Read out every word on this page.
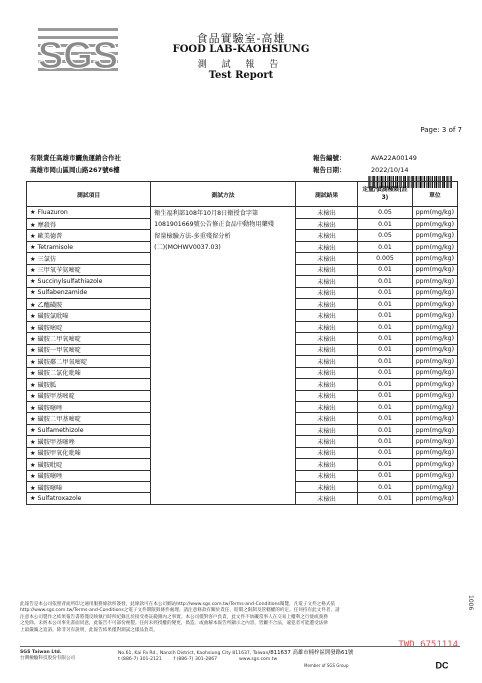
SGS	食品實驗室-高雄
FOOD LAB-KAOHSIUNG
測 試 報 告
Test Report
Page: 3 of 7
有限責任高雄市鱺魚運銷合作社
高雄市岡山區岡山路267號6樓
報告編號：	AVA22A00149
報告日期：	2022/10/14
測試項目	測試方法	測試結果	定量/偵測極限(註3)	單位
★ Fluazuron	衛生福利部108年10月8日衛授食字第	未檢出	0.05	ppm(mg/kg)
★ 摩殺得	1081901669號公告修正食品中動物用藥殘	未檢出	0.01	ppm(mg/kg)
★ 歐美德普	留量檢驗方法-多重殘留分析	未檢出	0.05	ppm(mg/kg)
★ Tetramisole	(二)(MOHWV0037.03)	未檢出	0.01	ppm(mg/kg)
★ 三氯仿		未檢出	0.005	ppm(mg/kg)
★ 三甲氧苄氨嘧啶		未檢出	0.01	ppm(mg/kg)
★ Succinylsulfathiazole		未檢出	0.01	ppm(mg/kg)
★ Sulfabenzamide		未檢出	0.01	ppm(mg/kg)
★ 乙醯磺胺		未檢出	0.01	ppm(mg/kg)
★ 磺胺氯吡嗪		未檢出	0.01	ppm(mg/kg)
★ 磺胺嘧啶		未檢出	0.01	ppm(mg/kg)
★ 磺胺二甲氧嘧啶		未檢出	0.01	ppm(mg/kg)
★ 磺胺一甲氧嘧啶		未檢出	0.01	ppm(mg/kg)
★ 磺胺鄰二甲氧嘧啶		未檢出	0.01	ppm(mg/kg)
★ 磺胺二氯化吡嗪		未檢出	0.01	ppm(mg/kg)
★ 磺胺胍		未檢出	0.01	ppm(mg/kg)
★ 磺胺甲基嘧啶		未檢出	0.01	ppm(mg/kg)
★ 磺胺噻唑		未檢出	0.01	ppm(mg/kg)
★ 磺胺二甲基嘧啶		未檢出	0.01	ppm(mg/kg)
★ Sulfamethizole		未檢出	0.01	ppm(mg/kg)
★ 磺胺甲基噻唑		未檢出	0.01	ppm(mg/kg)
★ 磺胺甲氧化吡嗪		未檢出	0.01	ppm(mg/kg)
★ 磺胺吡啶		未檢出	0.01	ppm(mg/kg)
★ 磺胺噻唑		未檢出	0.01	ppm(mg/kg)
★ 磺胺噻嗪		未檢出	0.01	ppm(mg/kg)
★ Sulfatroxazole		未檢出	0.01	ppm(mg/kg)
此報告是本公司依照背面所印之通用服務條款所簽發，此條款可在本公司網站http://www.sgs.com.tw/Terms-and-Conditions閱覽，凡電子文件之格式依
http://www.sgs.com.tw/Terms-and-Conditions之電子文件期限與條件處理。請注意條款有關於責任、賠償之限制及管轄權的約定。任何持有此文件者，請
注意本公司製作之結果報告書將僅反映執行時所紀錄且於接受委託範圍內之事實。本公司僅對客戶負責，此文件不妨礙當事人在交易上權利之行使或義務
之免除。未經本公司事先書面同意，此報告不可部份複製。任何未經授權的變更、偽造、或曲解本報告所顯示之內容，皆屬不合法，違犯者可能遭受法律
上最嚴厲之追訴。除非另有說明，此報告結果僅對測試之樣品負責。
TWD 6751114
1006
SGS Taiwan Ltd.
台灣檢驗科技股份有限公司
No.61, Kai Fa Rd., Nanzih District, Kaohsiung City 811637, Taiwan/811637 高雄市楠梓區開發路61號
t (886-7) 301-2121	f (886-7) 301-2867	www.sgs.com.tw
Member of SGS Group	DC
